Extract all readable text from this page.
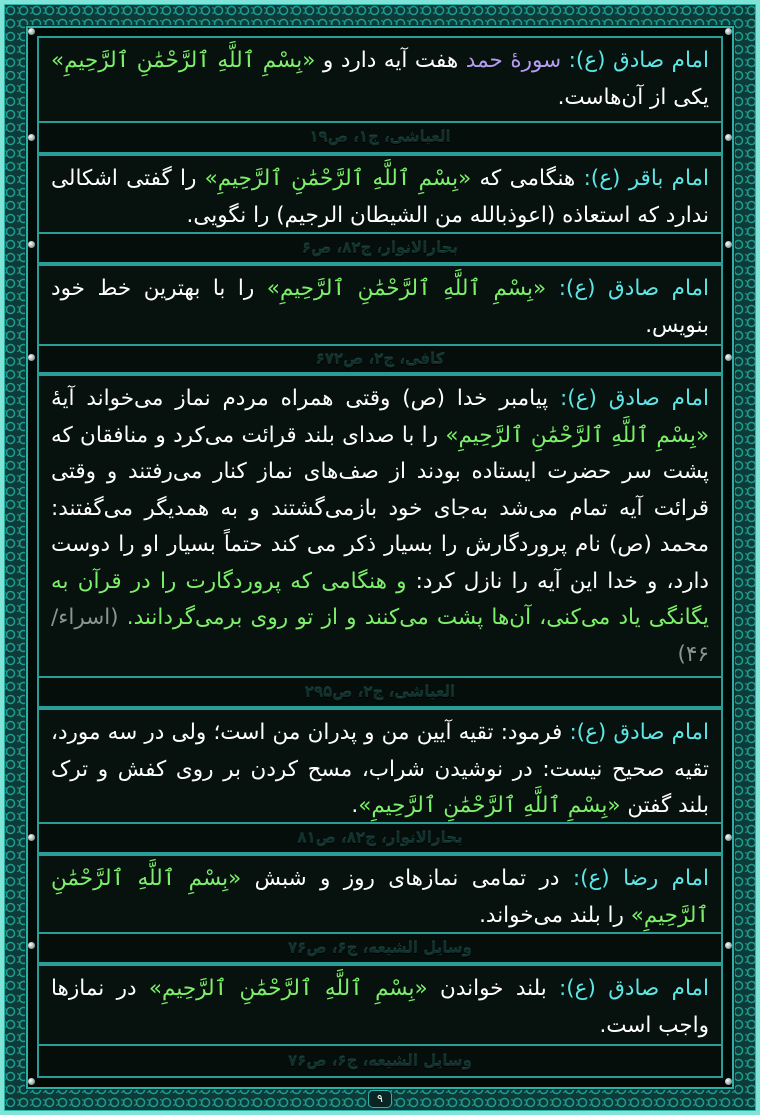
امام صادق (ع): سورهٔ حمد هفت آیه دارد و «بِسْمِ ٱللَّهِ ٱلرَّحْمَٰنِ ٱلرَّحِيمِ» یکی از آن‌هاست.
العیاشی، ج۱، ص۱۹
امام باقر (ع): هنگامی که «بِسْمِ ٱللَّهِ ٱلرَّحْمَٰنِ ٱلرَّحِيمِ» را گفتی اشکالی ندارد که استعاذه (اعوذبالله من الشیطان الرجیم) را نگویی.
بحارالانوار، ج۸۲، ص۶
امام صادق (ع): «بِسْمِ ٱللَّهِ ٱلرَّحْمَٰنِ ٱلرَّحِيمِ» را با بهترین خط خود بنویس.
کافی، ج۲، ص۶۷۲
امام صادق (ع): پیامبر خدا (ص) وقتی همراه مردم نماز می‌خواند آیهٔ «بِسْمِ ٱللَّهِ ٱلرَّحْمَٰنِ ٱلرَّحِيمِ» را با صدای بلند قرائت می‌کرد و منافقان که پشت سر حضرت ایستاده بودند از صف‌های نماز کنار می‌رفتند و وقتی قرائت آیه تمام می‌شد به‌جای خود بازمی‌گشتند و به همدیگر می‌گفتند: محمد (ص) نام پروردگارش را بسیار ذکر می کند حتماً بسیار او را دوست دارد، و خدا این آیه را نازل کرد: و هنگامی که پروردگارت را در قرآن به یگانگی یاد می‌کنی، آن‌ها پشت می‌کنند و از تو روی برمی‌گردانند. (اسراء/۴۶)
العیاشی، ج۲، ص۲۹۵
امام صادق (ع): فرمود: تقیه آیین من و پدران من است؛ ولی در سه مورد، تقیه صحیح نیست: در نوشیدن شراب، مسح کردن بر روی کفش و ترک بلند گفتن «بِسْمِ ٱللَّهِ ٱلرَّحْمَٰنِ ٱلرَّحِيمِ».
بحارالانوار، ج۸۲، ص۸۱
امام رضا (ع): در تمامی نمازهای روز و شبش «بِسْمِ ٱللَّهِ ٱلرَّحْمَٰنِ ٱلرَّحِيمِ» را بلند می‌خواند.
وسایل الشیعه، ج۶، ص۷۶
امام صادق (ع): بلند خواندن «بِسْمِ ٱللَّهِ ٱلرَّحْمَٰنِ ٱلرَّحِيمِ» در نمازها واجب است.
وسایل الشیعه، ج۶، ص۷۶
۹
